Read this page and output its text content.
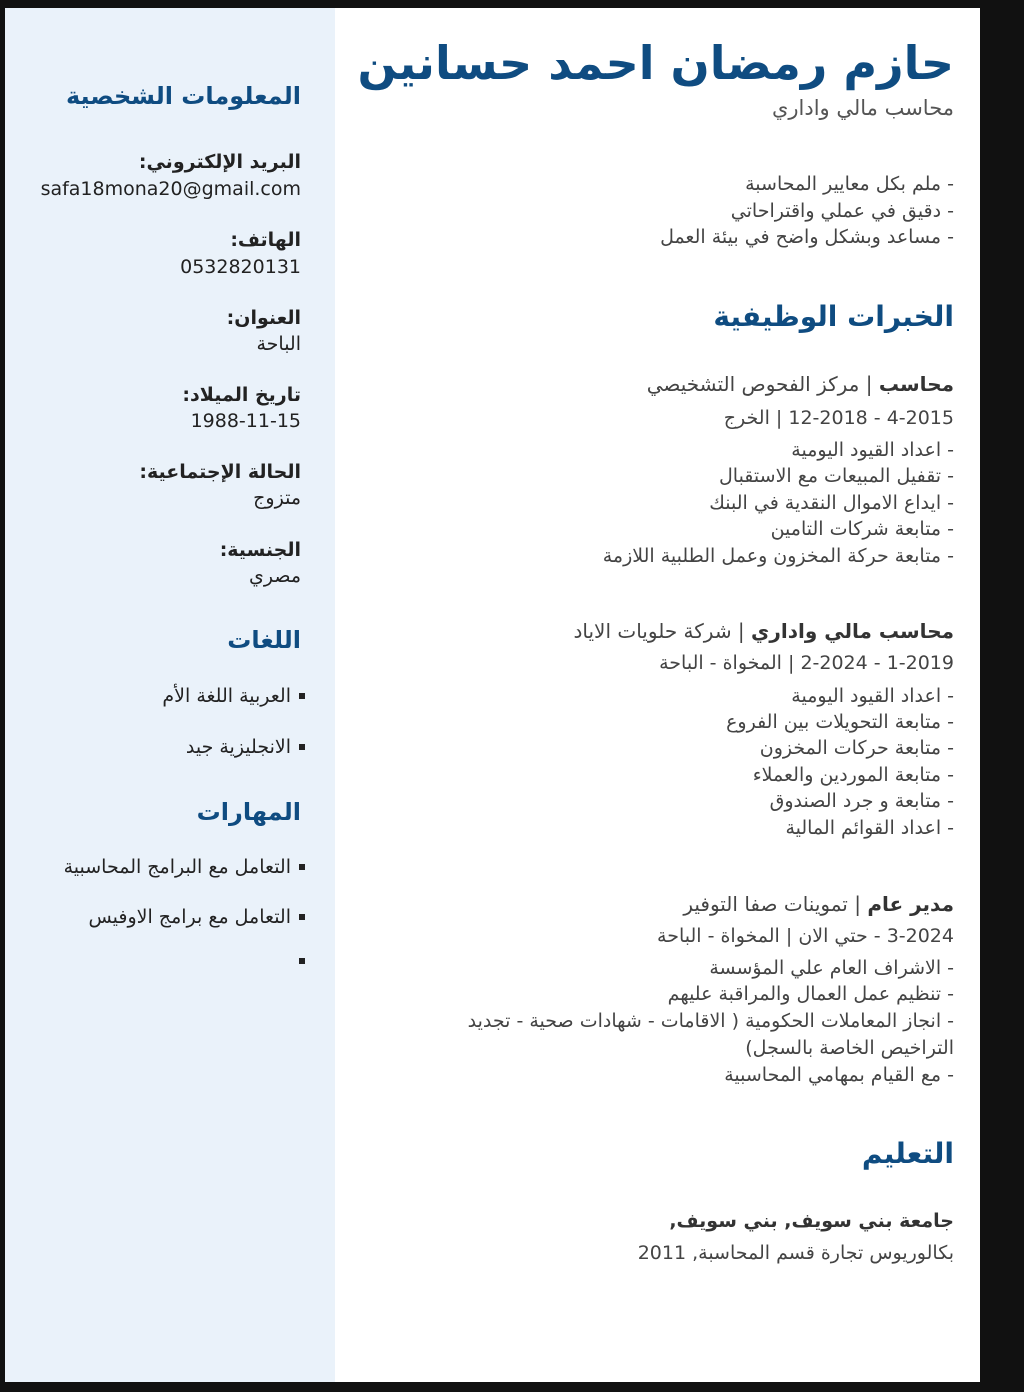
المعلومات الشخصية
البريد الإلكتروني:
safa18mona20@gmail.com
الهاتف:
0532820131
العنوان:
الباحة
تاريخ الميلاد:
1988-11-15
الحالة الإجتماعية:
متزوج
الجنسية:
مصري
اللغات
العربية اللغة الأم
الانجليزية جيد
المهارات
التعامل مع البرامج المحاسبية
التعامل مع برامج الاوفيس
حازم رمضان احمد حسانين
محاسب مالي واداري
- ملم بكل معايير المحاسبة
- دقيق في عملي واقتراحاتي
- مساعد وبشكل واضح في بيئة العمل
الخبرات الوظيفية
محاسب | مركز الفحوص التشخيصي
4-2015 - 12-2018 | الخرج
- اعداد القيود اليومية
- تقفيل المبيعات مع الاستقبال
- ايداع الاموال النقدية في البنك
- متابعة شركات التامين
- متابعة حركة المخزون وعمل الطلبية اللازمة
محاسب مالي واداري | شركة حلويات الاياد
1-2019 - 2-2024 | المخواة - الباحة
- اعداد القيود اليومية
- متابعة التحويلات بين الفروع
- متابعة حركات المخزون
- متابعة الموردين والعملاء
- متابعة و جرد الصندوق
- اعداد القوائم المالية
مدير عام | تموينات صفا التوفير
3-2024 - حتي الان | المخواة - الباحة
- الاشراف العام علي المؤسسة
- تنظيم عمل العمال والمراقبة عليهم
- انجاز المعاملات الحكومية ( الاقامات - شهادات صحية - تجديد
التراخيص الخاصة بالسجل)
- مع القيام بمهامي المحاسبية
التعليم
جامعة بني سويف, بني سويف,
بكالوريوس تجارة قسم المحاسبة, 2011
